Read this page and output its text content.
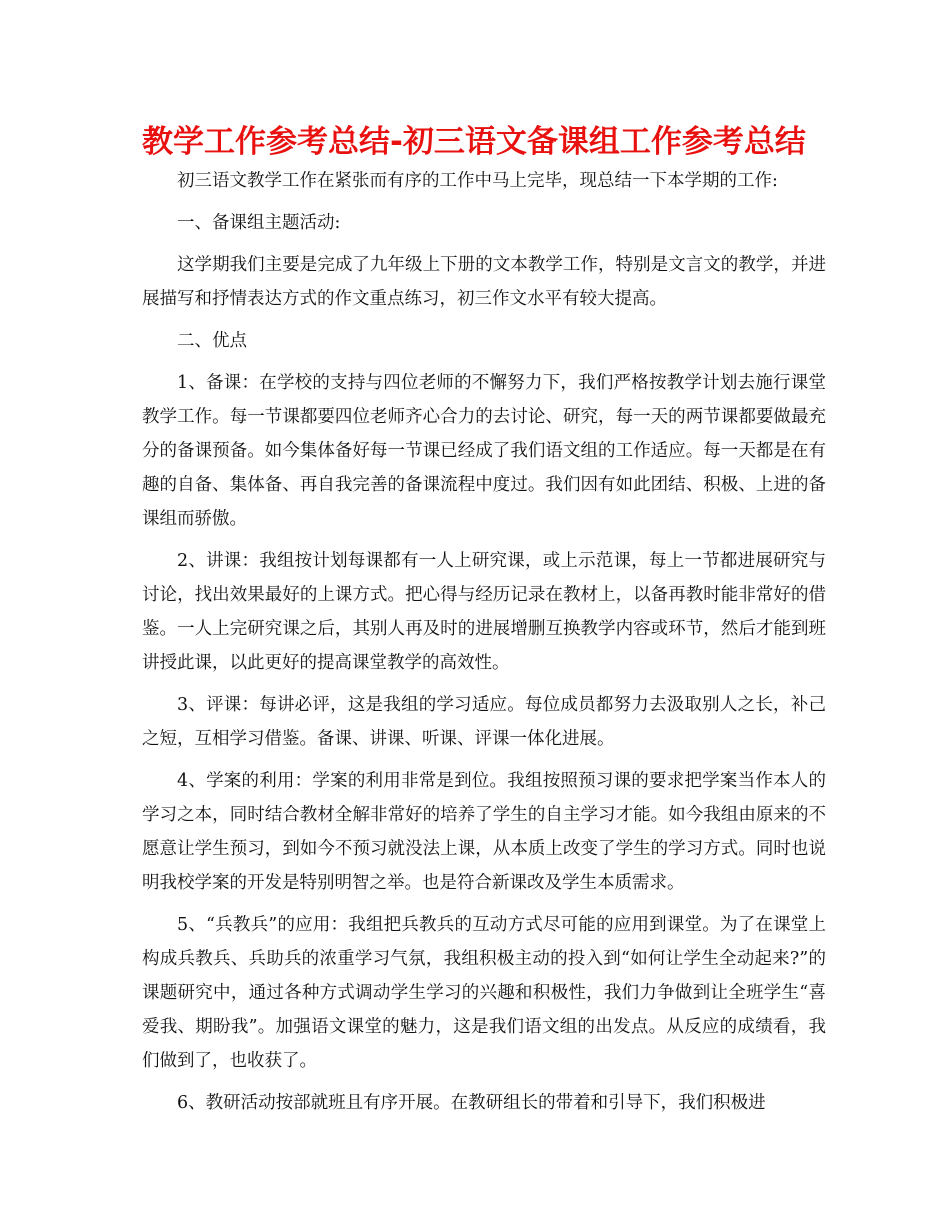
教学工作参考总结-初三语文备课组工作参考总结

初三语文教学工作在紧张而有序的工作中马上完毕，现总结一下本学期的工作:

一、备课组主题活动:

这学期我们主要是完成了九年级上下册的文本教学工作，特别是文言文的教学，并进展描写和抒情表达方式的作文重点练习，初三作文水平有较大提高。

二、优点

1、备课：在学校的支持与四位老师的不懈努力下，我们严格按教学计划去施行课堂教学工作。每一节课都要四位老师齐心合力的去讨论、研究，每一天的两节课都要做最充分的备课预备。如今集体备好每一节课已经成了我们语文组的工作适应。每一天都是在有趣的自备、集体备、再自我完善的备课流程中度过。我们因有如此团结、积极、上进的备课组而骄傲。

2、讲课：我组按计划每课都有一人上研究课，或上示范课，每上一节都进展研究与讨论，找出效果最好的上课方式。把心得与经历记录在教材上，以备再教时能非常好的借鉴。一人上完研究课之后，其别人再及时的进展增删互换教学内容或环节，然后才能到班讲授此课，以此更好的提高课堂教学的高效性。

3、评课：每讲必评，这是我组的学习适应。每位成员都努力去汲取别人之长，补己之短，互相学习借鉴。备课、讲课、听课、评课一体化进展。

4、学案的利用：学案的利用非常是到位。我组按照预习课的要求把学案当作本人的学习之本，同时结合教材全解非常好的培养了学生的自主学习才能。如今我组由原来的不愿意让学生预习，到如今不预习就没法上课，从本质上改变了学生的学习方式。同时也说明我校学案的开发是特别明智之举。也是符合新课改及学生本质需求。

5、“兵教兵”的应用：我组把兵教兵的互动方式尽可能的应用到课堂。为了在课堂上构成兵教兵、兵助兵的浓重学习气氛，我组积极主动的投入到“如何让学生全动起来?”的课题研究中，通过各种方式调动学生学习的兴趣和积极性，我们力争做到让全班学生“喜爱我、期盼我”。加强语文课堂的魅力，这是我们语文组的出发点。从反应的成绩看，我们做到了，也收获了。

6、教研活动按部就班且有序开展。在教研组长的带着和引导下，我们积极进
